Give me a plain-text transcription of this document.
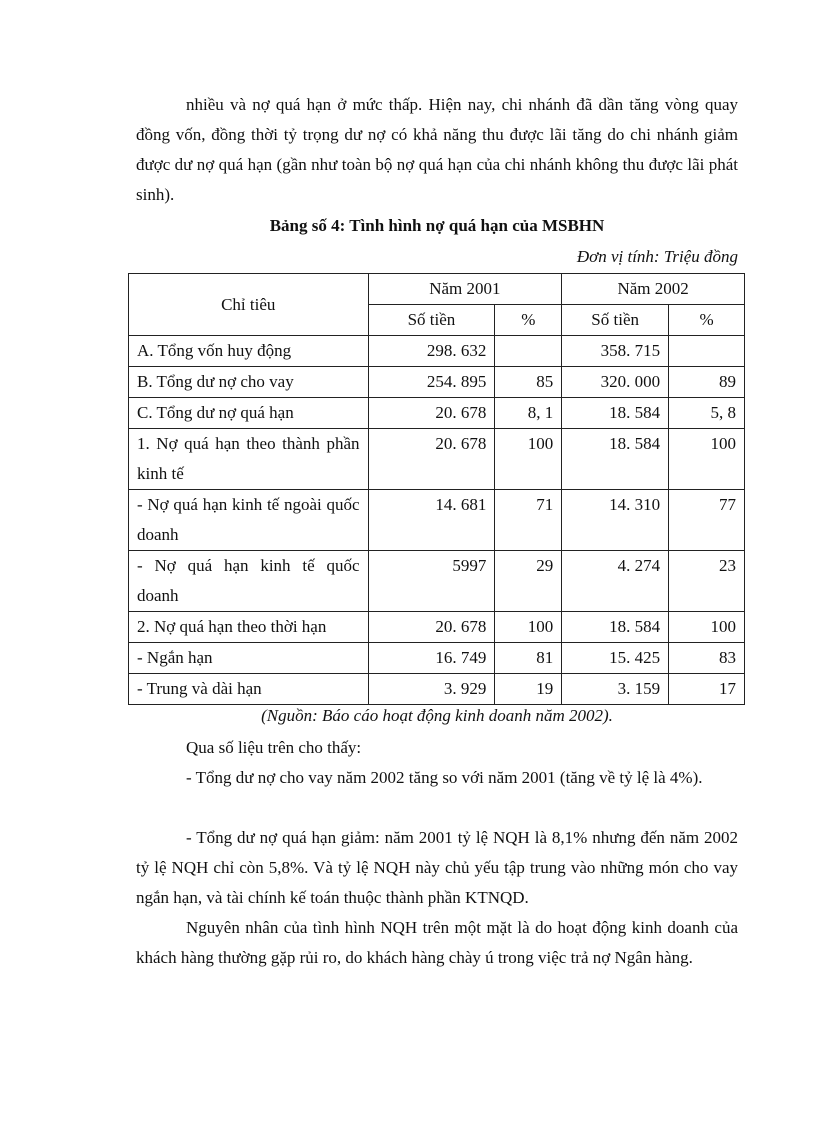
nhiều và nợ quá hạn ở mức thấp. Hiện nay, chi nhánh đã dần tăng vòng quay đồng vốn, đồng thời tỷ trọng dư nợ có khả năng thu được lãi tăng do chi nhánh giảm được dư nợ quá hạn (gần như toàn bộ nợ quá hạn của chi nhánh không thu được lãi phát sinh).

Bảng số 4: Tình hình nợ quá hạn của MSBHN

Đơn vị tính: Triệu đồng

Chỉ tiêu	Năm 2001		Năm 2002	
	Số tiền	%	Số tiền	%
A. Tổng vốn huy động	298. 632		358. 715	
B. Tổng dư nợ cho vay	254. 895	85	320. 000	89
C. Tổng dư nợ quá hạn	20. 678	8, 1	18. 584	5, 8
1. Nợ quá hạn theo thành phần kinh tế	20. 678	100	18. 584	100
- Nợ quá hạn kinh tế ngoài quốc doanh	14. 681	71	14. 310	77
- Nợ quá hạn kinh tế quốc doanh	5997	29	4. 274	23
2. Nợ quá hạn theo thời hạn	20. 678	100	18. 584	100
- Ngắn hạn	16. 749	81	15. 425	83
- Trung và dài hạn	3. 929	19	3. 159	17

(Nguồn: Báo cáo hoạt động kinh doanh năm 2002).

Qua số liệu trên cho thấy:

- Tổng dư nợ cho vay năm 2002 tăng so với năm 2001 (tăng về tỷ lệ là 4%).

- Tổng dư nợ quá hạn giảm: năm 2001 tỷ lệ NQH là 8,1% nhưng đến năm 2002 tỷ lệ NQH chỉ còn 5,8%. Và tỷ lệ NQH này chủ yếu tập trung vào những món cho vay ngắn hạn, và tài chính kế toán thuộc thành phần KTNQD.

Nguyên nhân của tình hình NQH trên một mặt là do hoạt động kinh doanh của khách hàng thường gặp rủi ro, do khách hàng chày ú trong việc trả nợ Ngân hàng.
